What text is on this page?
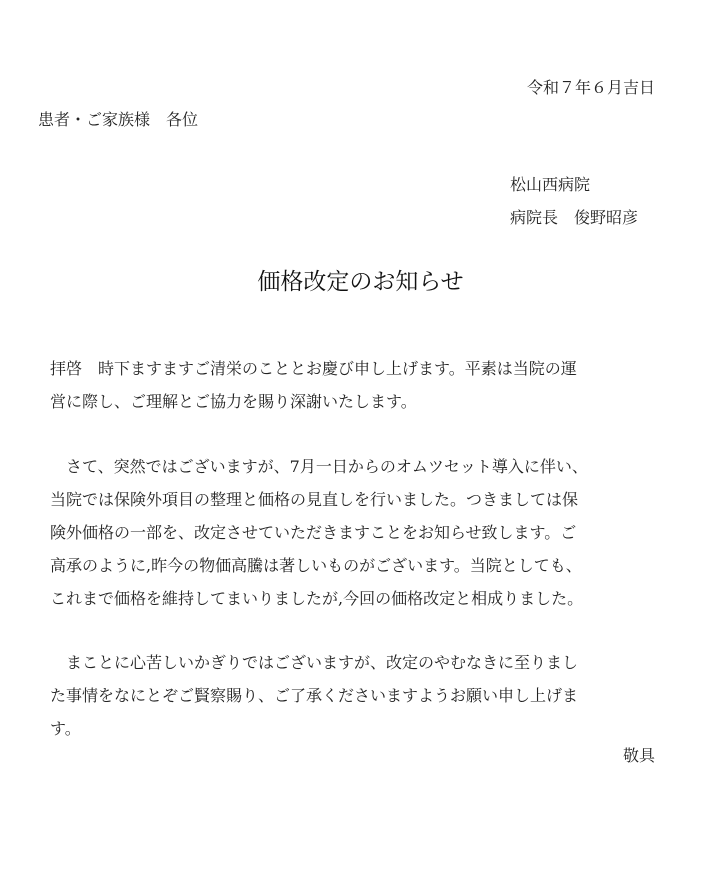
令和７年６月吉日
患者・ご家族様　各位
松山西病院
病院長　俊野昭彦
価格改定のお知らせ
拝啓　時下ますますご清栄のこととお慶び申し上げます。平素は当院の運
営に際し、ご理解とご協力を賜り深謝いたします。
　さて、突然ではございますが、7月一日からのオムツセット導入に伴い、
当院では保険外項目の整理と価格の見直しを行いました。つきましては保
険外価格の一部を、改定させていただきますことをお知らせ致します。ご
高承のように,昨今の物価高騰は著しいものがございます。当院としても、
これまで価格を維持してまいりましたが,今回の価格改定と相成りました。
　まことに心苦しいかぎりではございますが、改定のやむなきに至りまし
た事情をなにとぞご賢察賜り、ご了承くださいますようお願い申し上げま
す。
敬具
